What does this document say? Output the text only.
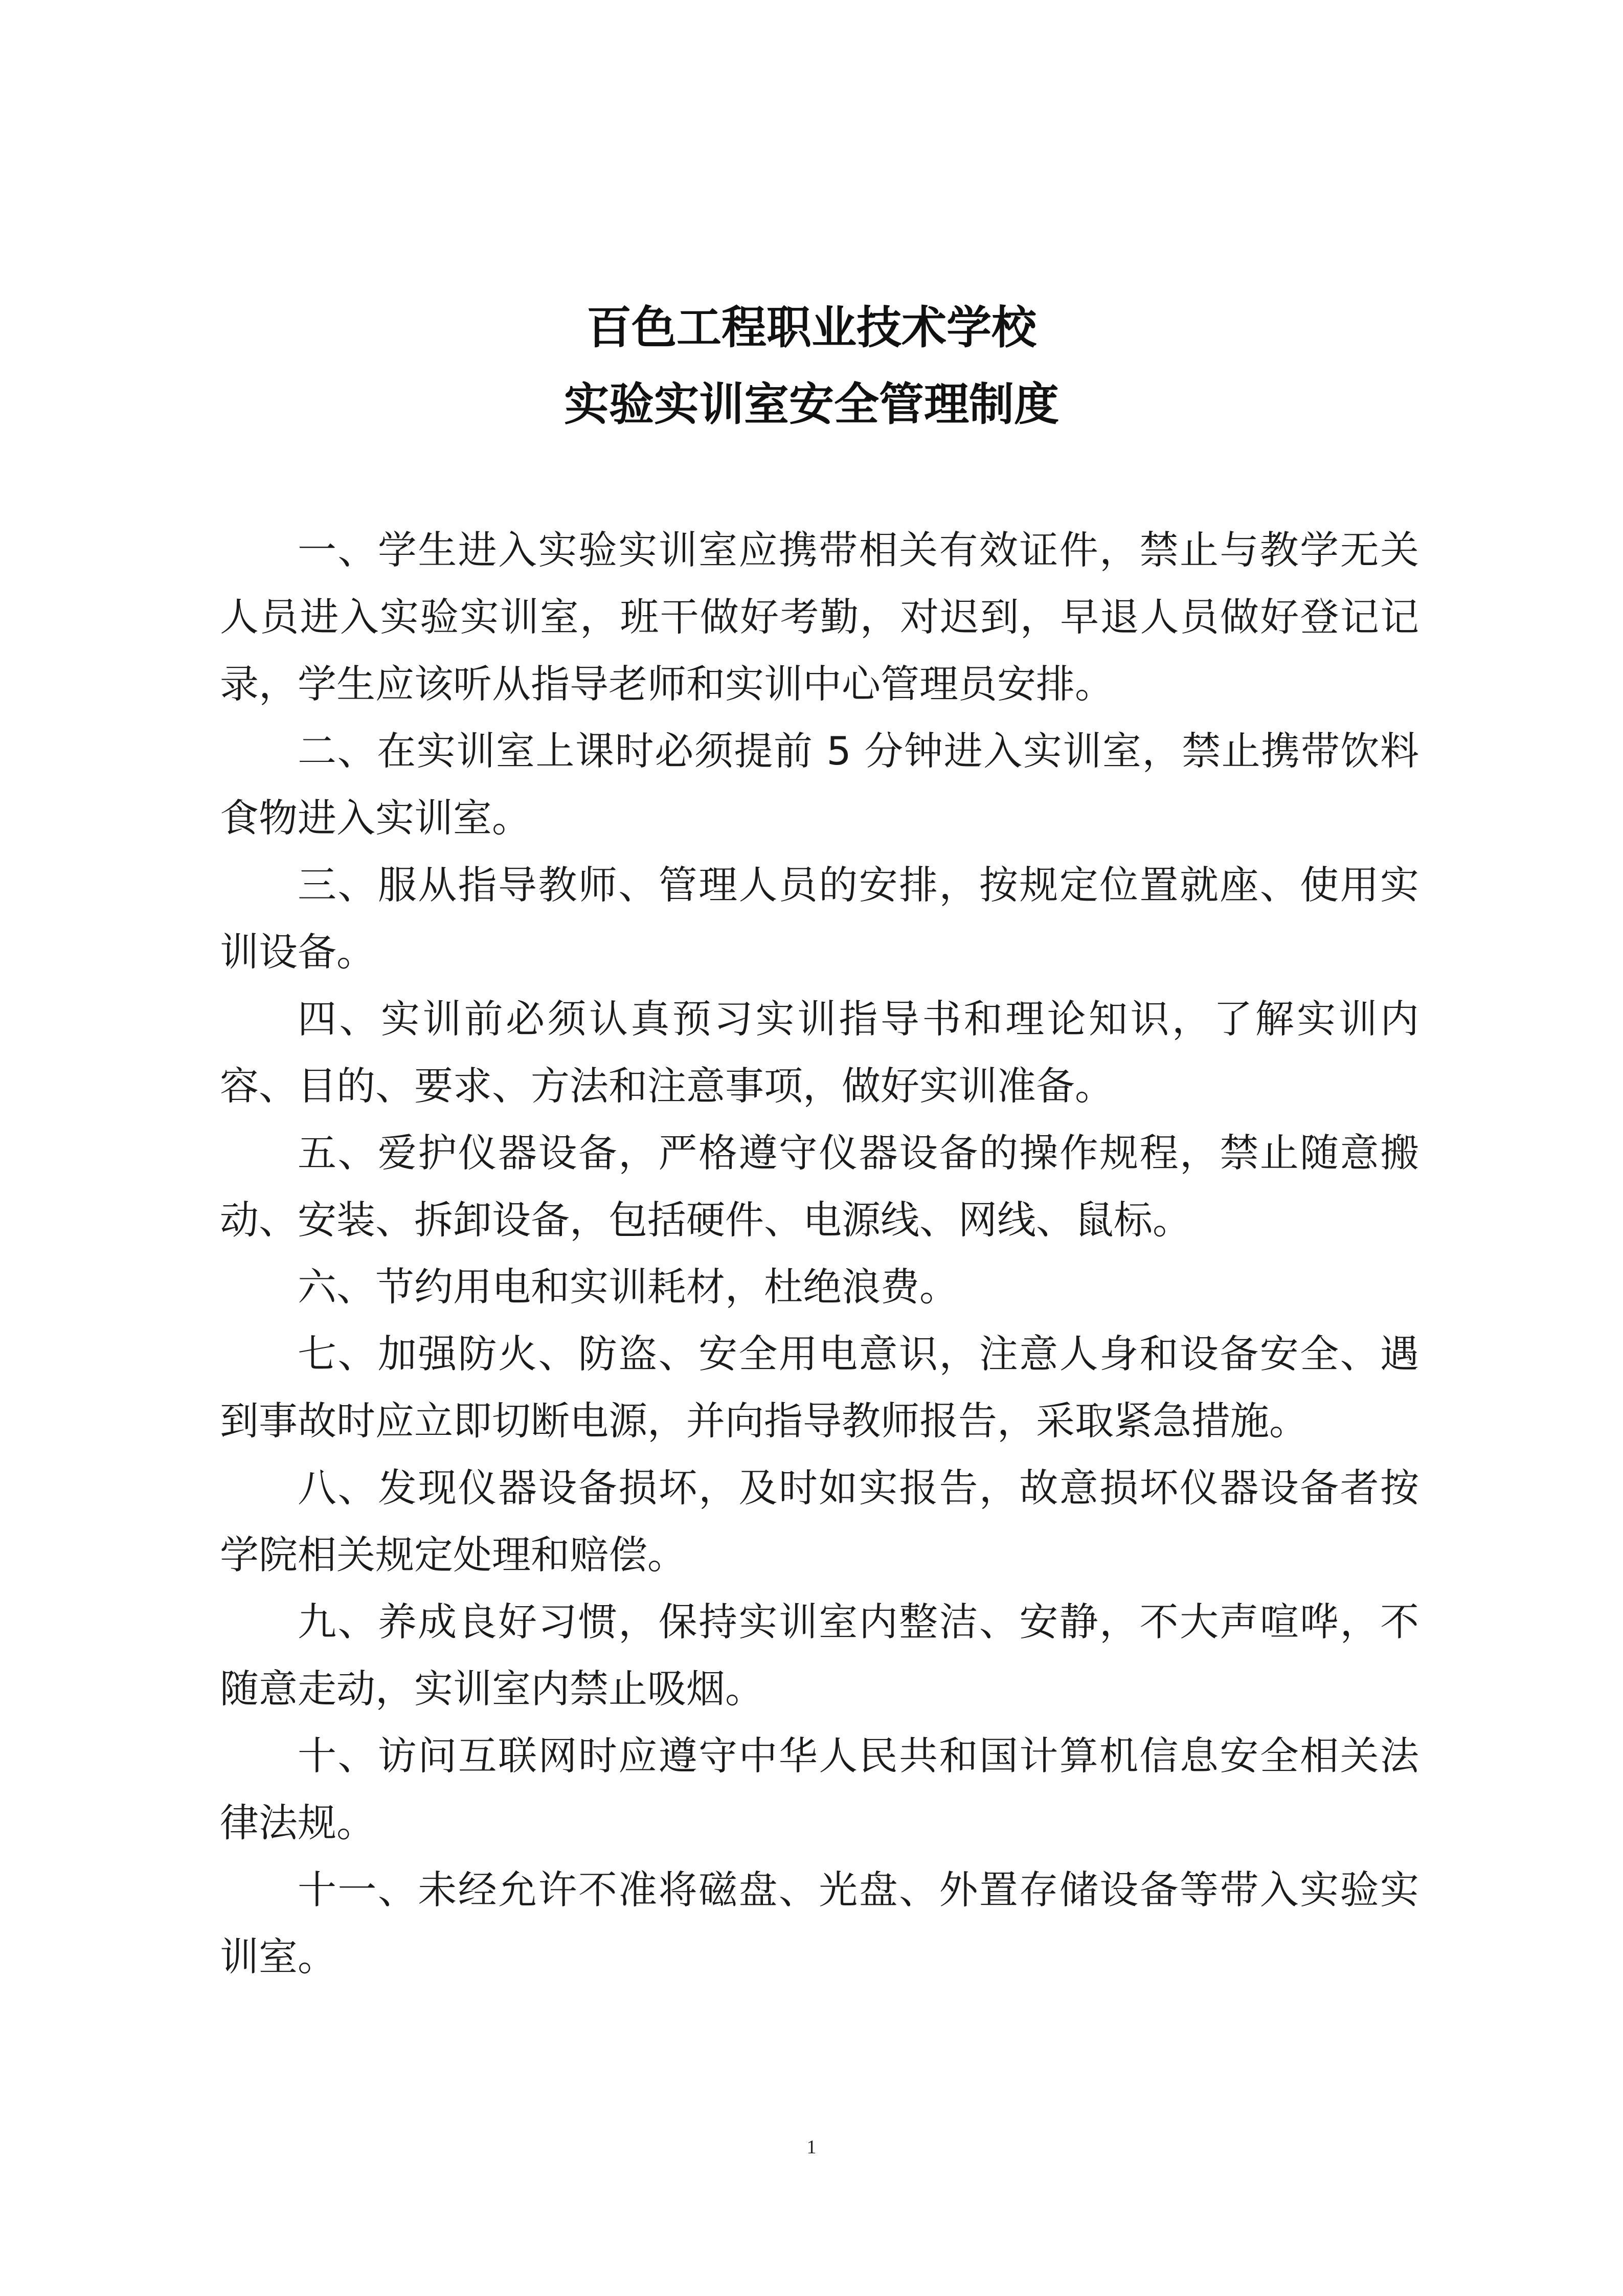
百色工程职业技术学校
实验实训室安全管理制度

一、学生进入实验实训室应携带相关有效证件，禁止与教学无关人员进入实验实训室，班干做好考勤，对迟到，早退人员做好登记记录，学生应该听从指导老师和实训中心管理员安排。

二、在实训室上课时必须提前 5 分钟进入实训室，禁止携带饮料食物进入实训室。

三、服从指导教师、管理人员的安排，按规定位置就座、使用实训设备。

四、实训前必须认真预习实训指导书和理论知识，了解实训内容、目的、要求、方法和注意事项，做好实训准备。

五、爱护仪器设备，严格遵守仪器设备的操作规程，禁止随意搬动、安装、拆卸设备，包括硬件、电源线、网线、鼠标。

六、节约用电和实训耗材，杜绝浪费。

七、加强防火、防盗、安全用电意识，注意人身和设备安全、遇到事故时应立即切断电源，并向指导教师报告，采取紧急措施。

八、发现仪器设备损坏，及时如实报告，故意损坏仪器设备者按学院相关规定处理和赔偿。

九、养成良好习惯，保持实训室内整洁、安静，不大声喧哗，不随意走动，实训室内禁止吸烟。

十、访问互联网时应遵守中华人民共和国计算机信息安全相关法律法规。

十一、未经允许不准将磁盘、光盘、外置存储设备等带入实验实训室。

1
